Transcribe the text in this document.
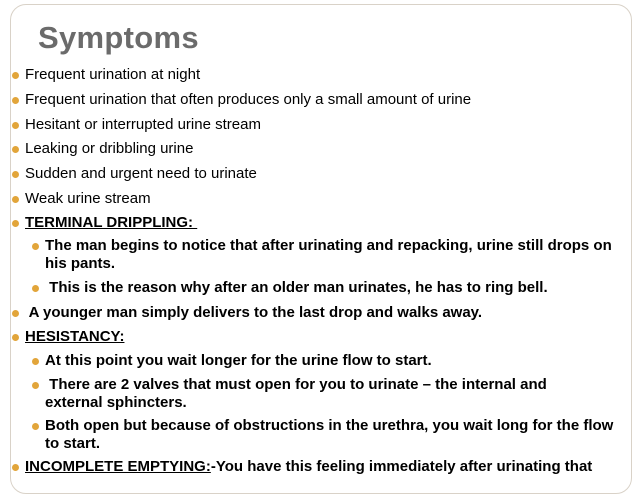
Symptoms
Frequent urination at night
Frequent urination that often produces only a small amount of urine
Hesitant or interrupted urine stream
Leaking or dribbling urine
Sudden and urgent need to urinate
Weak urine stream
TERMINAL DRIPPLING:
The man begins to notice that after urinating and repacking, urine still drops on his pants.
This is the reason why after an older man urinates, he has to ring bell.
A younger man simply delivers to the last drop and walks away.
HESISTANCY:
At this point you wait longer for the urine flow to start.
There are 2 valves that must open for you to urinate – the internal and external sphincters.
Both open but because of obstructions in the urethra, you wait long for the flow to start.
INCOMPLETE EMPTYING:-You have this feeling immediately after urinating that
